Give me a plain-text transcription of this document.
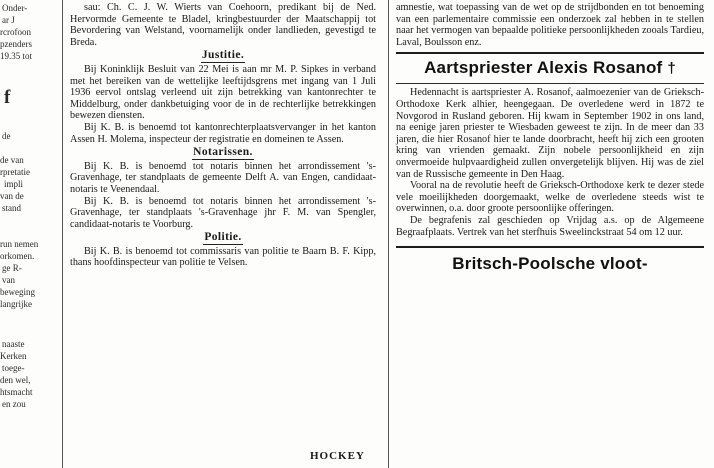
Onder-
ar J
rcrofoon
pzenders
19.35 tot
f
de
de van
rpretatie
impli
van de
stand
run nemen
orkomen.
ge R-
van
beweging
langrijke
naaste
Kerken
toege-
den wel,
htsmacht
en zou

sau: Ch. C. J. W. Wierts van Coehoorn, predikant bij de Ned. Hervormde Gemeente te Bladel, kringbestuurder der Maatschappij tot Bevordering van Welstand, voornamelijk onder landlieden, gevestigd te Breda.

Justitie.

Bij Koninklijk Besluit van 22 Mei is aan mr M. P. Sipkes in verband met het bereiken van de wettelijke leeftijdsgrens met ingang van 1 Juli 1936 eervol ontslag verleend uit zijn betrekking van kantonrechter te Middelburg, onder dankbetuiging voor de in de rechterlijke betrekkingen bewezen diensten.

Bij K. B. is benoemd tot kantonrechterplaatsvervanger in het kanton Assen H. Molema, inspecteur der registratie en domeinen te Assen.

Notarissen.

Bij K. B. is benoemd tot notaris binnen het arrondissement 's-Gravenhage, ter standplaats de gemeente Delft A. van Engen, candidaat-notaris te Veenendaal.

Bij K. B. is benoemd tot notaris binnen het arrondissement 's-Gravenhage, ter standplaats 's-Gravenhage jhr F. M. van Spengler, candidaat-notaris te Voorburg.

Politie.

Bij K. B. is benoemd tot commissaris van politie te Baarn B. F. Kipp, thans hoofdinspecteur van politie te Velsen.

HOCKEY

amnestie, wat toepassing van de wet op de strijdbonden en tot benoeming van een parlementaire commissie een onderzoek zal hebben in te stellen naar het vermogen van bepaalde politieke persoonlijkheden zooals Tardieu, Laval, Boulsson enz.

Aartspriester Alexis Rosanof †

Hedennacht is aartspriester A. Rosanof, aalmoezenier van de Grieksch-Orthodoxe Kerk alhier, heengegaan. De overledene werd in 1872 te Novgorod in Rusland geboren. Hij kwam in September 1902 in ons land, na eenige jaren priester te Wiesbaden geweest te zijn. In de meer dan 33 jaren, die hier Rosanof hier te lande doorbracht, heeft hij zich een grooten kring van vrienden gemaakt. Zijn nobele persoonlijkheid en zijn onvermoeide hulpvaardigheid zullen onvergetelijk blijven. Hij was de ziel van de Russische gemeente in Den Haag.

Vooral na de revolutie heeft de Grieksch-Orthodoxe kerk te dezer stede vele moeilijkheden doorgemaakt, welke de overledene steeds wist te overwinnen, o.a. door groote persoonlijke offeringen.

De begrafenis zal geschieden op Vrijdag a.s. op de Algemeene Begraafplaats. Vertrek van het sterfhuis Sweelinckstraat 54 om 12 uur.

Britsch-Poolsche vloot-
